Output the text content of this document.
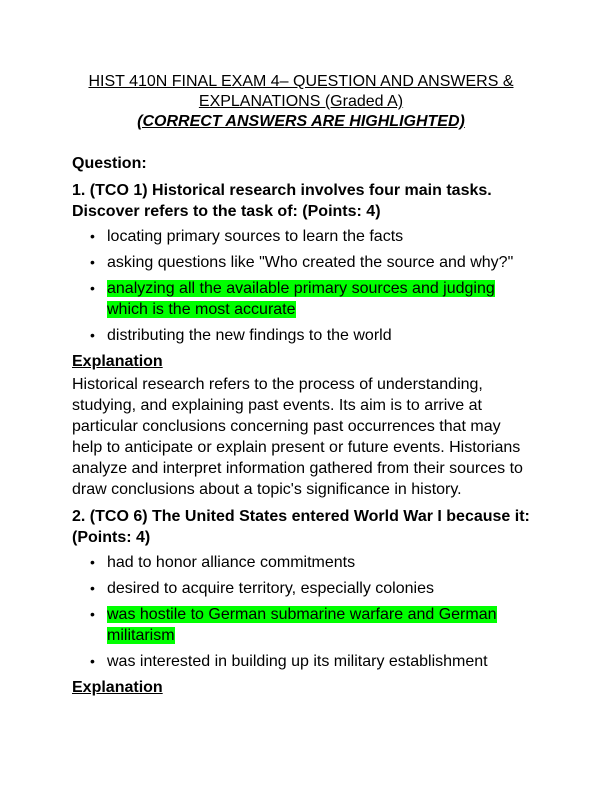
HIST 410N FINAL EXAM 4– QUESTION AND ANSWERS & EXPLANATIONS (Graded A)

(CORRECT ANSWERS ARE HIGHLIGHTED)

Question:
1. (TCO 1) Historical research involves four main tasks. Discover refers to the task of: (Points: 4)
• locating primary sources to learn the facts
• asking questions like "Who created the source and why?"
• analyzing all the available primary sources and judging which is the most accurate
• distributing the new findings to the world
Explanation

Historical research refers to the process of understanding, studying, and explaining past events. Its aim is to arrive at particular conclusions concerning past occurrences that may help to anticipate or explain present or future events. Historians analyze and interpret information gathered from their sources to draw conclusions about a topic's significance in history.

2. (TCO 6) The United States entered World War I because it: (Points: 4)
• had to honor alliance commitments
• desired to acquire territory, especially colonies
• was hostile to German submarine warfare and German militarism
• was interested in building up its military establishment
Explanation
